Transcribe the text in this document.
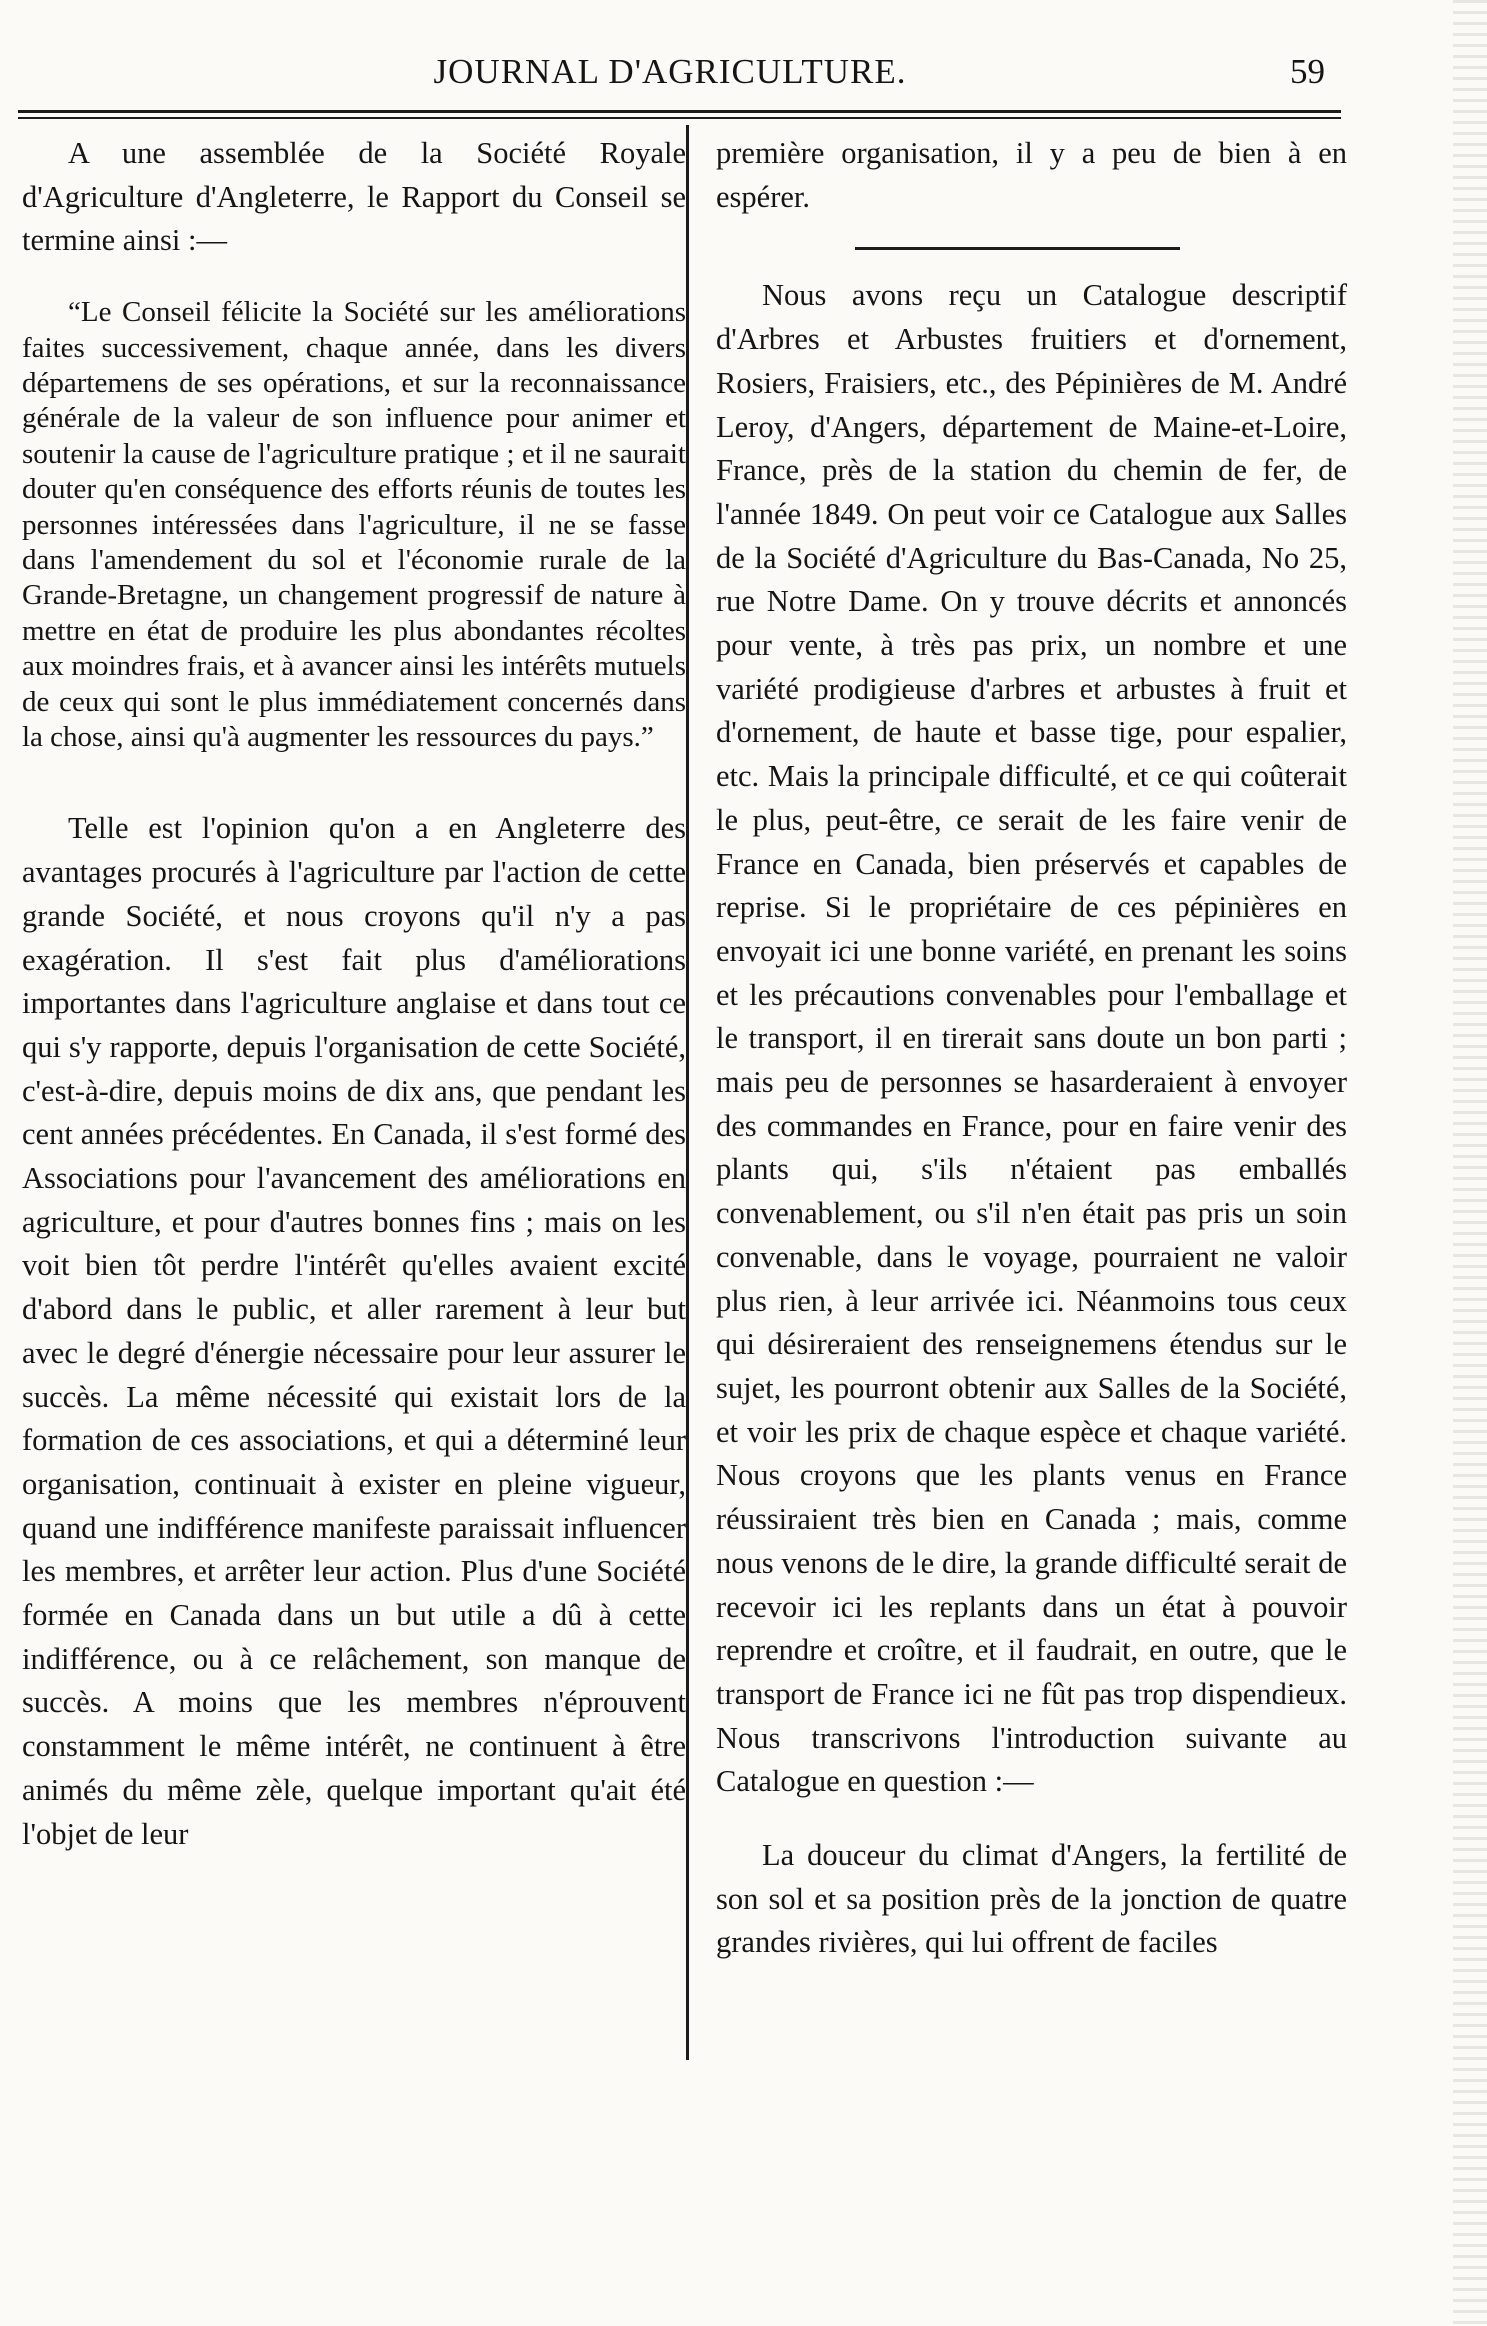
JOURNAL D'AGRICULTURE.	59

A une assemblée de la Société Royale d'Agriculture d'Angleterre, le Rapport du Conseil se termine ainsi :—

“Le Conseil félicite la Société sur les améliorations faites successivement, chaque année, dans les divers départemens de ses opérations, et sur la reconnaissance générale de la valeur de son influence pour animer et soutenir la cause de l'agriculture pratique ; et il ne saurait douter qu'en conséquence des efforts réunis de toutes les personnes intéressées dans l'agriculture, il ne se fasse dans l'amendement du sol et l'économie rurale de la Grande-Bretagne, un changement progressif de nature à mettre en état de produire les plus abondantes récoltes aux moindres frais, et à avancer ainsi les intérêts mutuels de ceux qui sont le plus immédiatement concernés dans la chose, ainsi qu'à augmenter les ressources du pays.”

Telle est l'opinion qu'on a en Angleterre des avantages procurés à l'agriculture par l'action de cette grande Société, et nous croyons qu'il n'y a pas exagération. Il s'est fait plus d'améliorations importantes dans l'agriculture anglaise et dans tout ce qui s'y rapporte, depuis l'organisation de cette Société, c'est-à-dire, depuis moins de dix ans, que pendant les cent années précédentes. En Canada, il s'est formé des Associations pour l'avancement des améliorations en agriculture, et pour d'autres bonnes fins ; mais on les voit bien tôt perdre l'intérêt qu'elles avaient excité d'abord dans le public, et aller rarement à leur but avec le degré d'énergie nécessaire pour leur assurer le succès. La même nécessité qui existait lors de la formation de ces associations, et qui a déterminé leur organisation, continuait à exister en pleine vigueur, quand une indifférence manifeste paraissait influencer les membres, et arrêter leur action. Plus d'une Société formée en Canada dans un but utile a dû à cette indifférence, ou à ce relâchement, son manque de succès. A moins que les membres n'éprouvent constamment le même intérêt, ne continuent à être animés du même zèle, quelque important qu'ait été l'objet de leur

première organisation, il y a peu de bien à en espérer.

Nous avons reçu un Catalogue descriptif d'Arbres et Arbustes fruitiers et d'ornement, Rosiers, Fraisiers, etc., des Pépinières de M. André Leroy, d'Angers, département de Maine-et-Loire, France, près de la station du chemin de fer, de l'année 1849. On peut voir ce Catalogue aux Salles de la Société d'Agriculture du Bas-Canada, No 25, rue Notre Dame. On y trouve décrits et annoncés pour vente, à très pas prix, un nombre et une variété prodigieuse d'arbres et arbustes à fruit et d'ornement, de haute et basse tige, pour espalier, etc. Mais la principale difficulté, et ce qui coûterait le plus, peut-être, ce serait de les faire venir de France en Canada, bien préservés et capables de reprise. Si le propriétaire de ces pépinières en envoyait ici une bonne variété, en prenant les soins et les précautions convenables pour l'emballage et le transport, il en tirerait sans doute un bon parti ; mais peu de personnes se hasarderaient à envoyer des commandes en France, pour en faire venir des plants qui, s'ils n'étaient pas emballés convenablement, ou s'il n'en était pas pris un soin convenable, dans le voyage, pourraient ne valoir plus rien, à leur arrivée ici. Néanmoins tous ceux qui désireraient des renseignemens étendus sur le sujet, les pourront obtenir aux Salles de la Société, et voir les prix de chaque espèce et chaque variété. Nous croyons que les plants venus en France réussiraient très bien en Canada ; mais, comme nous venons de le dire, la grande difficulté serait de recevoir ici les replants dans un état à pouvoir reprendre et croître, et il faudrait, en outre, que le transport de France ici ne fût pas trop dispendieux. Nous transcrivons l'introduction suivante au Catalogue en question :—

La douceur du climat d'Angers, la fertilité de son sol et sa position près de la jonction de quatre grandes rivières, qui lui offrent de faciles
